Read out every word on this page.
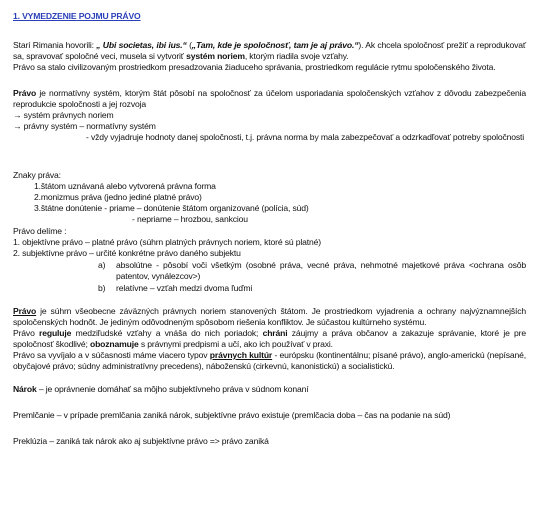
1. VYMEDZENIE POJMU PRÁVO
Starí Rimania hovorili: „ Ubi societas, ibi ius.“ („Tam, kde je spoločnosť, tam je aj právo.“). Ak chcela spoločnosť prežiť a reprodukovať sa, spravovať spoločné veci, musela si vytvoriť systém noriem, ktorým riadila svoje vzťahy.
Právo sa stalo civilizovaným prostriedkom presadzovania žiaduceho správania, prostriedkom regulácie rytmu spoločenského života.
Právo je normatívny systém, ktorým štát pôsobí na spoločnosť za účelom usporiadania spoločenských vzťahov z dôvodu zabezpečenia reprodukcie spoločnosti a jej rozvoja
→ systém právnych noriem
→ právny systém – normatívny systém
- vždy vyjadruje hodnoty danej spoločnosti, t.j. právna norma by mala zabezpečovať a odzrkadľovať potreby spoločnosti
Znaky práva:
1.štátom uznávaná alebo vytvorená právna forma
2.monizmus práva (jedno jediné platné právo)
3.štátne donútenie - priame – donútenie štátom organizované (polícia, súd)
- nepriame – hrozbou, sankciou
Právo delíme :
1. objektívne právo – platné právo (súhrn platných právnych noriem, ktoré sú platné)
2. subjektívne právo – určité konkrétne právo daného subjektu
a) absolútne - pôsobí voči všetkým (osobné práva, vecné práva, nehmotné majetkové práva <ochrana osôb patentov, vynálezcov>)
b) relatívne – vzťah medzi dvoma ľuďmi
Právo je súhrn všeobecne záväzných právnych noriem stanovených štátom. Je prostriedkom vyjadrenia a ochrany najvýznamnejších spoločenských hodnôt. Je jediným odôvodneným spôsobom riešenia konfliktov. Je súčastou kultúrneho systému.
Právo reguluje medziľudské vzťahy a vnáša do nich poriadok; chráni záujmy a práva občanov a zakazuje správanie, ktoré je pre spoločnosť škodlivé; oboznamuje s právnymi predpismi a učí, ako ich používať v praxi.
Právo sa vyvíjalo a v súčasnosti máme viacero typov právnych kultúr - európsku (kontinentálnu; písané právo), anglo-americkú (nepísané, obyčajové právo; súdny administratívny precedens), náboženskú (cirkevnú, kanonistickú) a socialistickú.
Nárok – je oprávnenie domáhať sa môjho subjektívneho práva v súdnom konaní
Premlčanie – v prípade premlčania zaniká nárok, subjektívne právo existuje (premlčacia doba – čas na podanie na súd)
Preklúzia – zaniká tak nárok ako aj subjektívne právo => právo zaniká
